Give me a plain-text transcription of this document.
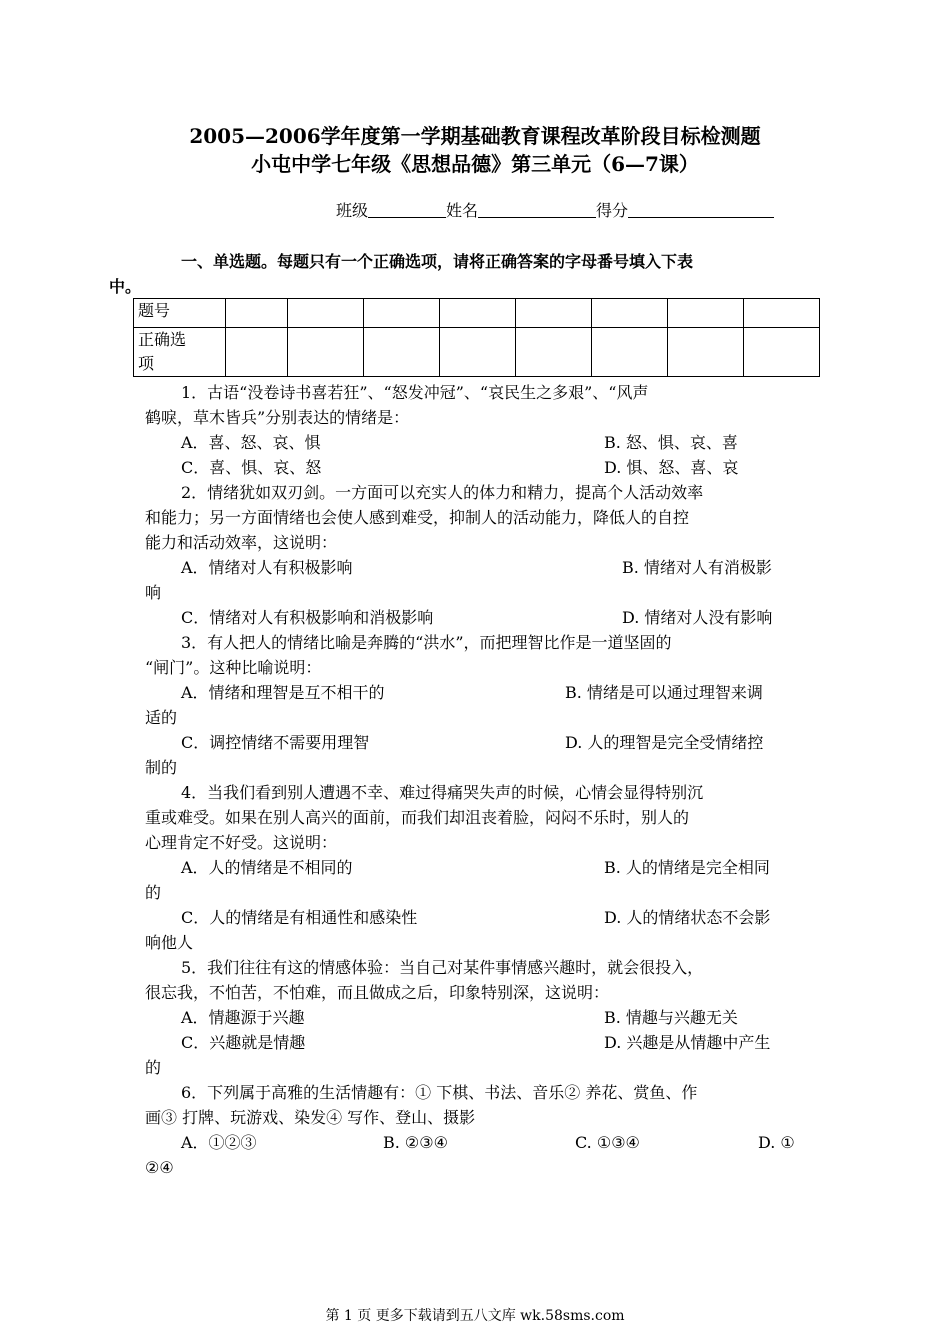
2005—2006学年度第一学期基础教育课程改革阶段目标检测题
小屯中学七年级《思想品德》第三单元（6—7课）
班级	姓名	得分
一、单选题。每题只有一个正确选项，请将正确答案的字母番号填入下表
中。
题号								
正确选
项								
1．古语“没卷诗书喜若狂”、“怒发冲冠”、“哀民生之多艰”、“风声
鹤唳，草木皆兵”分别表达的情绪是：
A．喜、怒、哀、惧	B. 怒、惧、哀、喜
C．喜、惧、哀、怒	D. 惧、怒、喜、哀
2．情绪犹如双刃剑。一方面可以充实人的体力和精力，提高个人活动效率
和能力；另一方面情绪也会使人感到难受，抑制人的活动能力，降低人的自控
能力和活动效率，这说明：
A．情绪对人有积极影响	B. 情绪对人有消极影
响
C．情绪对人有积极影响和消极影响	D. 情绪对人没有影响
3．有人把人的情绪比喻是奔腾的“洪水”，而把理智比作是一道坚固的
“闸门”。这种比喻说明：
A．情绪和理智是互不相干的	B. 情绪是可以通过理智来调
适的
C．调控情绪不需要用理智	D. 人的理智是完全受情绪控
制的
4．当我们看到别人遭遇不幸、难过得痛哭失声的时候，心情会显得特别沉
重或难受。如果在别人高兴的面前，而我们却沮丧着脸，闷闷不乐时，别人的
心理肯定不好受。这说明：
A．人的情绪是不相同的	B. 人的情绪是完全相同
的
C．人的情绪是有相通性和感染性	D. 人的情绪状态不会影
响他人
5．我们往往有这的情感体验：当自己对某件事情感兴趣时，就会很投入，
很忘我，不怕苦，不怕难，而且做成之后，印象特别深，这说明：
A．情趣源于兴趣	B. 情趣与兴趣无关
C．兴趣就是情趣	D. 兴趣是从情趣中产生
的
6．下列属于高雅的生活情趣有：① 下棋、书法、音乐② 养花、赏鱼、作
画③ 打牌、玩游戏、染发④ 写作、登山、摄影
A．①②③	B. ②③④	C. ①③④	D. ①
②④
第 1 页 更多下载请到五八文库 wk.58sms.com
